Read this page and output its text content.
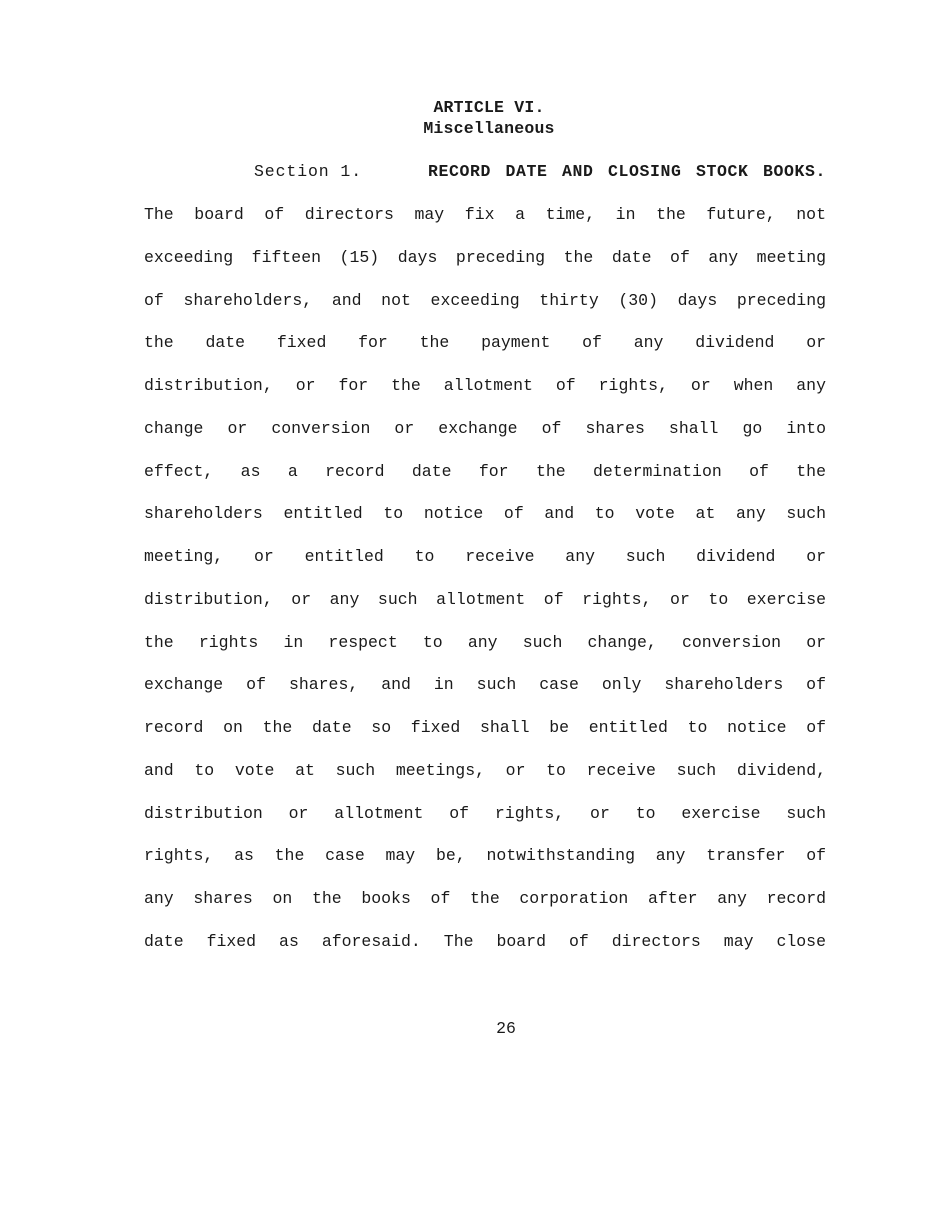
ARTICLE VI.
Miscellaneous
Section 1.	RECORD DATE AND CLOSING STOCK BOOKS.
The board of directors may fix a time, in the future, not
exceeding fifteen (15) days preceding the date of any meeting
of shareholders, and not exceeding thirty (30) days preceding
the date fixed for the payment of any dividend or
distribution, or for the allotment of rights, or when any
change or conversion or exchange of shares shall go into
effect, as a record date for the determination of the
shareholders entitled to notice of and to vote at any such
meeting, or entitled to receive any such dividend or
distribution, or any such allotment of rights, or to exercise
the rights in respect to any such change, conversion or
exchange of shares, and in such case only shareholders of
record on the date so fixed shall be entitled to notice of
and to vote at such meetings, or to receive such dividend,
distribution or allotment of rights, or to exercise such
rights, as the case may be, notwithstanding any transfer of
any shares on the books of the corporation after any record
date fixed as aforesaid. The board of directors may close
26
